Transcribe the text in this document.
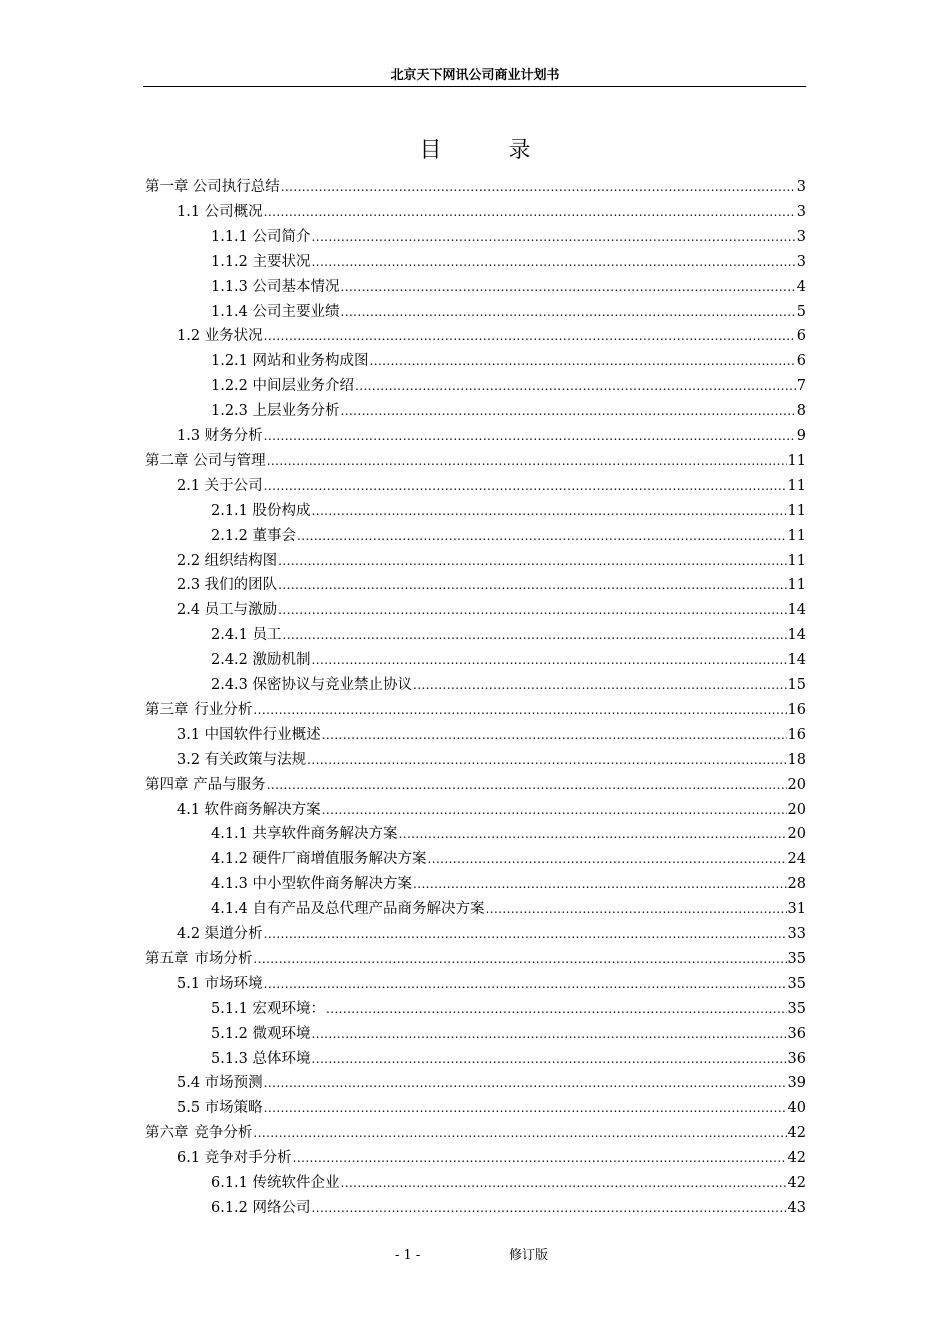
北京天下网讯公司商业计划书
目 录
第一章 公司执行总结 .....	3
1.1 公司概况 .....	3
1.1.1 公司简介 .....	3
1.1.2 主要状况 .....	3
1.1.3 公司基本情况 .....	4
1.1.4 公司主要业绩 .....	5
1.2 业务状况 .....	6
1.2.1 网站和业务构成图 .....	6
1.2.2 中间层业务介绍 .....	7
1.2.3 上层业务分析 .....	8
1.3 财务分析 .....	9
第二章 公司与管理 .....	11
2.1 关于公司 .....	11
2.1.1 股份构成 .....	11
2.1.2 董事会 .....	11
2.2 组织结构图 .....	11
2.3 我们的团队 .....	11
2.4 员工与激励 .....	14
2.4.1 员工 .....	14
2.4.2 激励机制 .....	14
2.4.3 保密协议与竞业禁止协议 .....	15
第三章 行业分析 .....	16
3.1 中国软件行业概述 .....	16
3.2 有关政策与法规 .....	18
第四章 产品与服务 .....	20
4.1 软件商务解决方案 .....	20
4.1.1 共享软件商务解决方案 .....	20
4.1.2 硬件厂商增值服务解决方案 .....	24
4.1.3 中小型软件商务解决方案 .....	28
4.1.4 自有产品及总代理产品商务解决方案 .....	31
4.2 渠道分析 .....	33
第五章 市场分析 .....	35
5.1 市场环境 .....	35
5.1.1 宏观环境： .....	35
5.1.2 微观环境 .....	36
5.1.3 总体环境 .....	36
5.4 市场预测 .....	39
5.5 市场策略 .....	40
第六章 竞争分析 .....	42
6.1 竞争对手分析 .....	42
6.1.1 传统软件企业 .....	42
6.1.2 网络公司 .....	43
- 1 -	修订版
